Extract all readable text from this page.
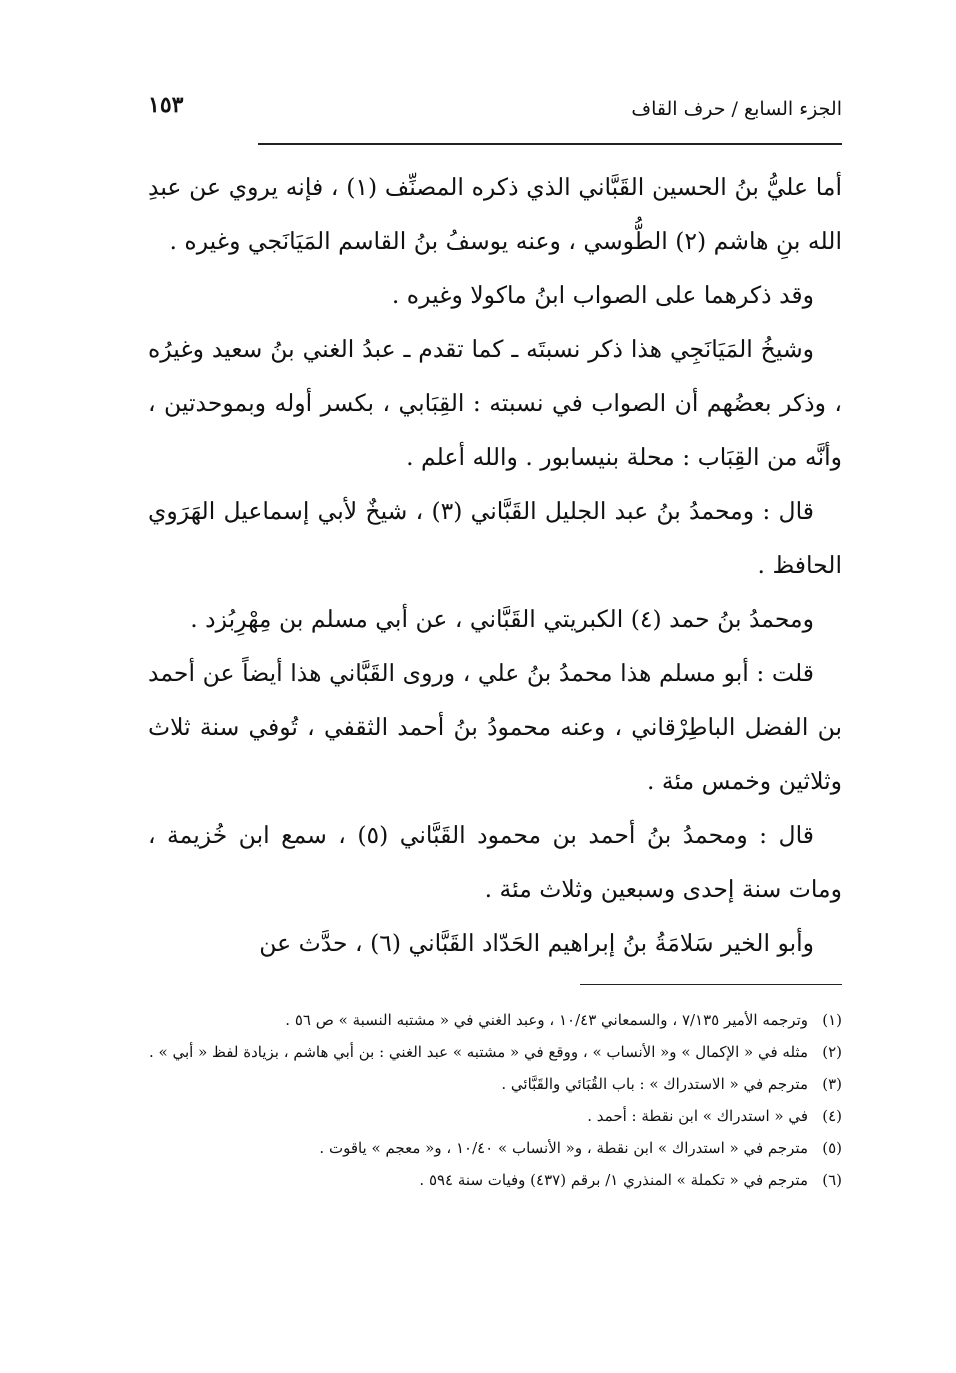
١٥٣	الجزء السابع / حرف القاف

أما عليُّ بنُ الحسين القَبَّاني الذي ذكره المصنِّف (١) ، فإنه يروي عن عبدِ الله بنِ هاشم (٢) الطُّوسي ، وعنه يوسفُ بنُ القاسم المَيَانَجي وغيره .

وقد ذكرهما على الصواب ابنُ ماكولا وغيره .

وشيخُ المَيَانَجِي هذا ذكر نسبتَه ـ كما تقدم ـ عبدُ الغني بنُ سعيد وغيرُه ، وذكر بعضُهم أن الصواب في نسبته : القِبَابي ، بكسر أوله وبموحدتين ، وأنَّه من القِبَاب : محلة بنيسابور . والله أعلم .

قال : ومحمدُ بنُ عبد الجليل القَبَّاني (٣) ، شيخٌ لأبي إسماعيل الهَرَوي الحافظ .

ومحمدُ بنُ حمد (٤) الكبريتي القَبَّاني ، عن أبي مسلم بن مِهْرِبُزد .

قلت : أبو مسلم هذا محمدُ بنُ علي ، وروى القَبَّاني هذا أيضاً عن أحمد بن الفضل الباطِرْقاني ، وعنه محمودُ بنُ أحمد الثقفي ، تُوفي سنة ثلاث وثلاثين وخمس مئة .

قال : ومحمدُ بنُ أحمد بن محمود القَبَّاني (٥) ، سمع ابن خُزيمة ، ومات سنة إحدى وسبعين وثلاث مئة .

وأبو الخير سَلامَةُ بنُ إبراهيم الحَدّاد القَبَّاني (٦) ، حدَّث عن

(١)
وترجمه الأمير ٧/١٣٥ ، والسمعاني ١٠/٤٣ ، وعبد الغني في « مشتبه النسبة » ص ٥٦ .

(٢)
مثله في « الإكمال » و« الأنساب » ، ووقع في « مشتبه » عبد الغني : بن أبي هاشم ، بزيادة لفظ « أبي » .

(٣)
مترجم في « الاستدراك » : باب القُبَائي والقَبَّائي .

(٤)
في « استدراك » ابن نقطة : أحمد .

(٥)
مترجم في « استدراك » ابن نقطة ، و« الأنساب » ١٠/٤٠ ، و« معجم » ياقوت .

(٦)
مترجم في « تكملة » المنذري ١/ برقم (٤٣٧) وفيات سنة ٥٩٤ .
